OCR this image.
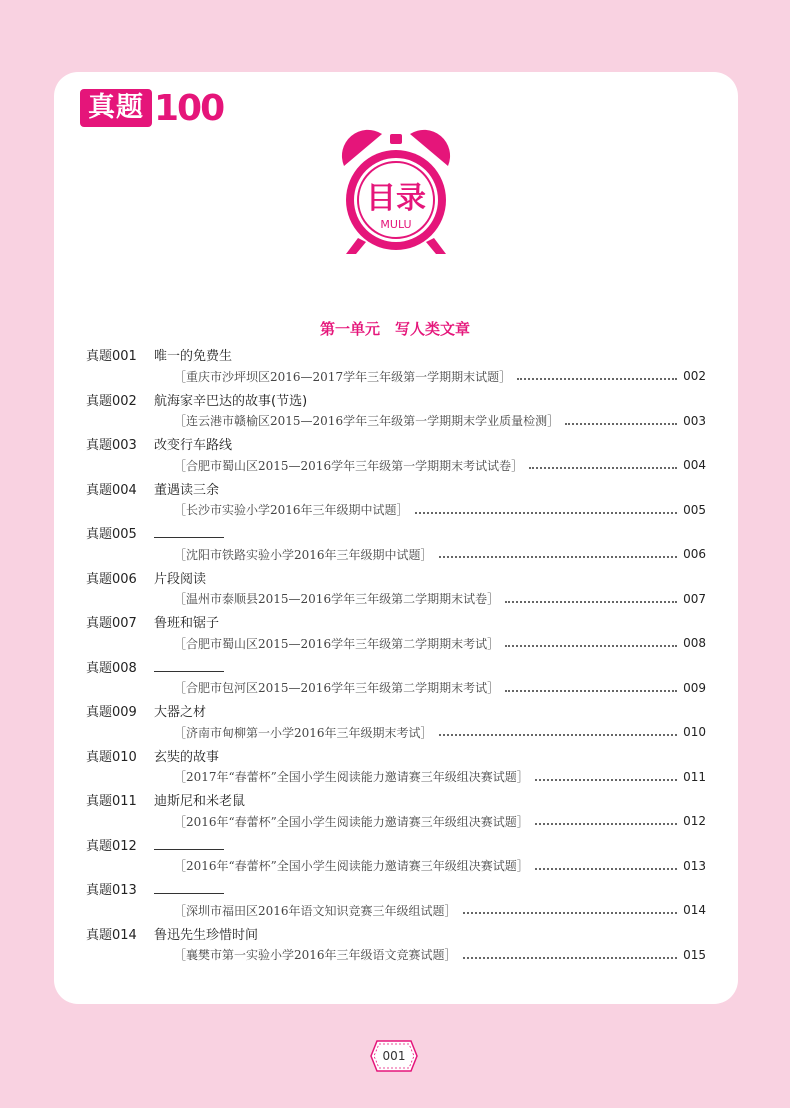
真题 100
目录
MULU
第一单元　写人类文章
真题001 唯一的免费生
［重庆市沙坪坝区2016—2017学年三年级第一学期期末试题］	002
真题002 航海家辛巴达的故事(节选)
［连云港市赣榆区2015—2016学年三年级第一学期期末学业质量检测］	003
真题003 改变行车路线
［合肥市蜀山区2015—2016学年三年级第一学期期末考试试卷］	004
真题004 董遇读三余
［长沙市实验小学2016年三年级期中试题］	005
真题005
［沈阳市铁路实验小学2016年三年级期中试题］	006
真题006 片段阅读
［温州市泰顺县2015—2016学年三年级第二学期期末试卷］	007
真题007 鲁班和锯子
［合肥市蜀山区2015—2016学年三年级第二学期期末考试］	008
真题008
［合肥市包河区2015—2016学年三年级第二学期期末考试］	009
真题009 大器之材
［济南市甸柳第一小学2016年三年级期末考试］	010
真题010 玄奘的故事
［2017年“春蕾杯”全国小学生阅读能力邀请赛三年级组决赛试题］	011
真题011 迪斯尼和米老鼠
［2016年“春蕾杯”全国小学生阅读能力邀请赛三年级组决赛试题］	012
真题012
［2016年“春蕾杯”全国小学生阅读能力邀请赛三年级组决赛试题］	013
真题013
［深圳市福田区2016年语文知识竞赛三年级组试题］	014
真题014 鲁迅先生珍惜时间
［襄樊市第一实验小学2016年三年级语文竞赛试题］	015
001
